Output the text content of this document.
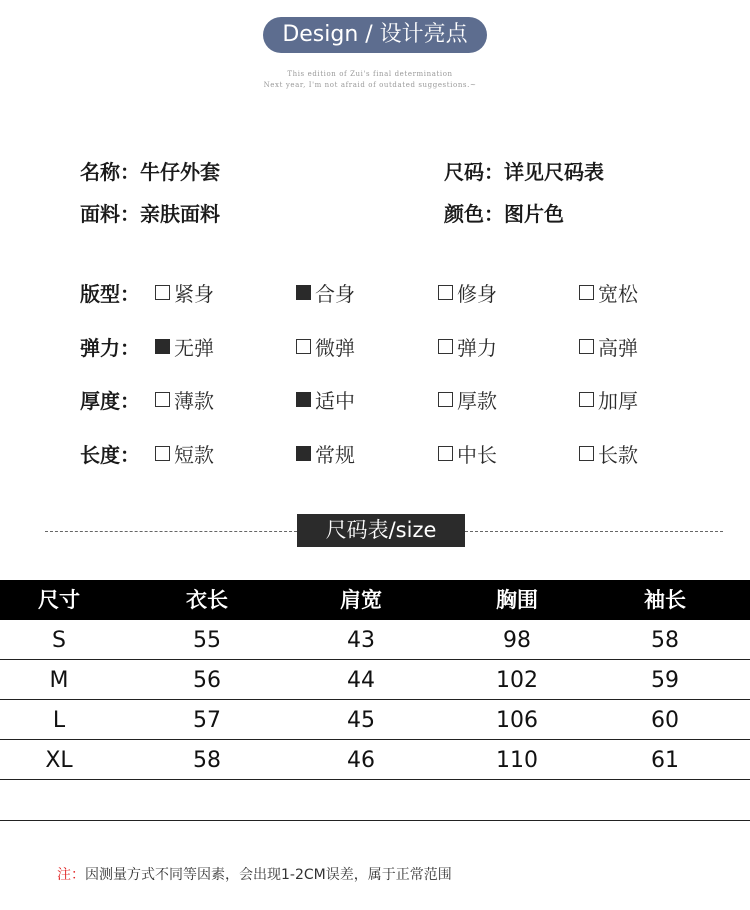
Design / 设计亮点
This edition of Zui's final determination
Next year, I'm not afraid of outdated suggestions.~
名称：牛仔外套	尺码：详见尺码表
面料：亲肤面料	颜色：图片色
版型： 紧身	合身	修身	宽松
弹力： 无弹	微弹	弹力	高弹
厚度： 薄款	适中	厚款	加厚
长度： 短款	常规	中长	长款
尺码表/size
尺寸	衣长	肩宽	胸围	袖长
S	55	43	98	58
M	56	44	102	59
L	57	45	106	60
XL	58	46	110	61
注：因测量方式不同等因素，会出现1-2CM误差，属于正常范围
